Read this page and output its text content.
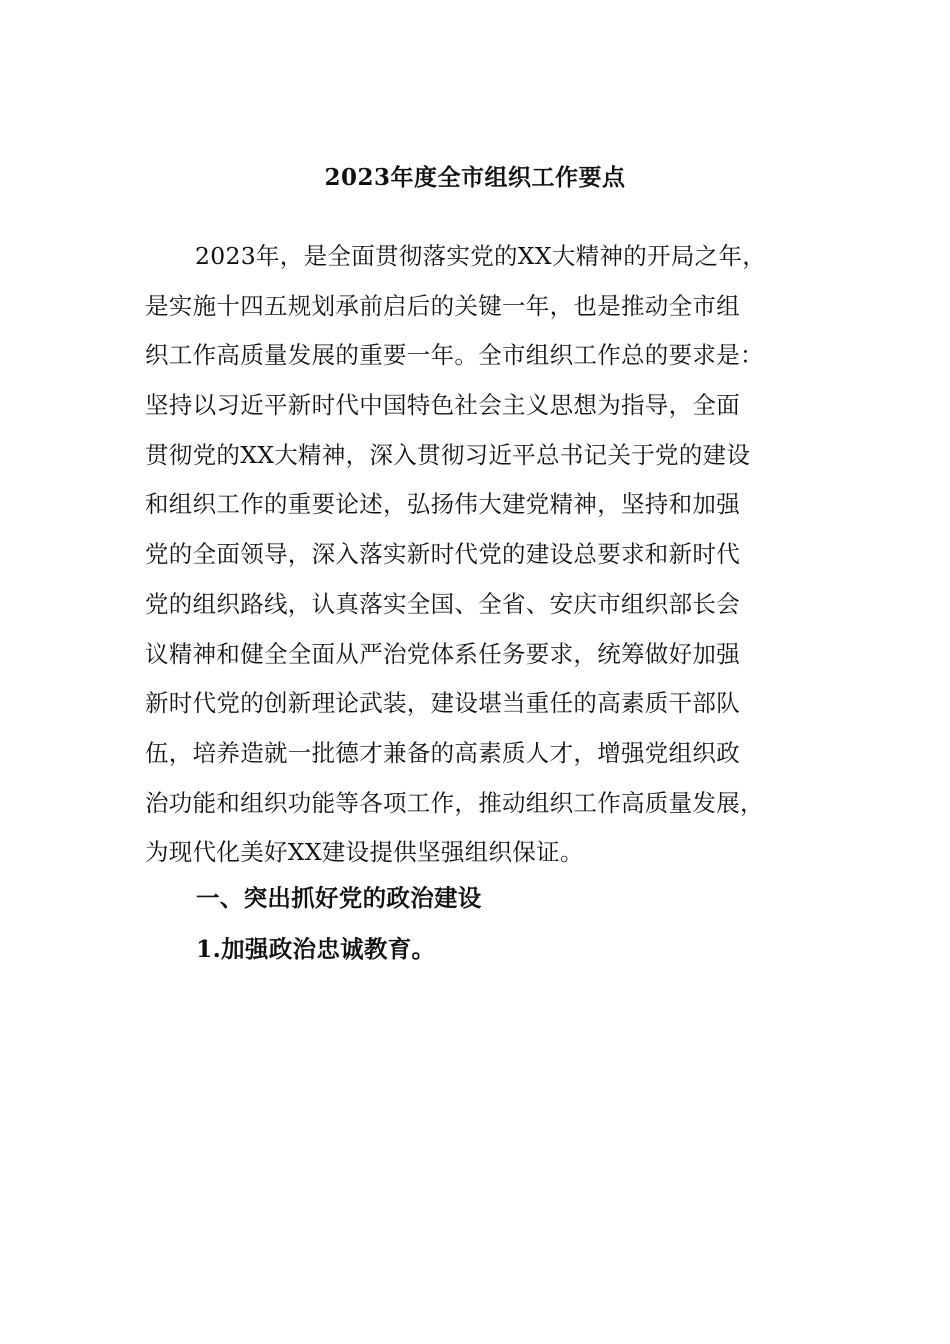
2023年度全市组织工作要点
2023年，是全面贯彻落实党的XX大精神的开局之年，
是实施十四五规划承前启后的关键一年，也是推动全市组
织工作高质量发展的重要一年。全市组织工作总的要求是：
坚持以习近平新时代中国特色社会主义思想为指导，全面
贯彻党的XX大精神，深入贯彻习近平总书记关于党的建设
和组织工作的重要论述，弘扬伟大建党精神，坚持和加强
党的全面领导，深入落实新时代党的建设总要求和新时代
党的组织路线，认真落实全国、全省、安庆市组织部长会
议精神和健全全面从严治党体系任务要求，统筹做好加强
新时代党的创新理论武装，建设堪当重任的高素质干部队
伍，培养造就一批德才兼备的高素质人才，增强党组织政
治功能和组织功能等各项工作，推动组织工作高质量发展，
为现代化美好XX建设提供坚强组织保证。
一、突出抓好党的政治建设
1.加强政治忠诚教育。
